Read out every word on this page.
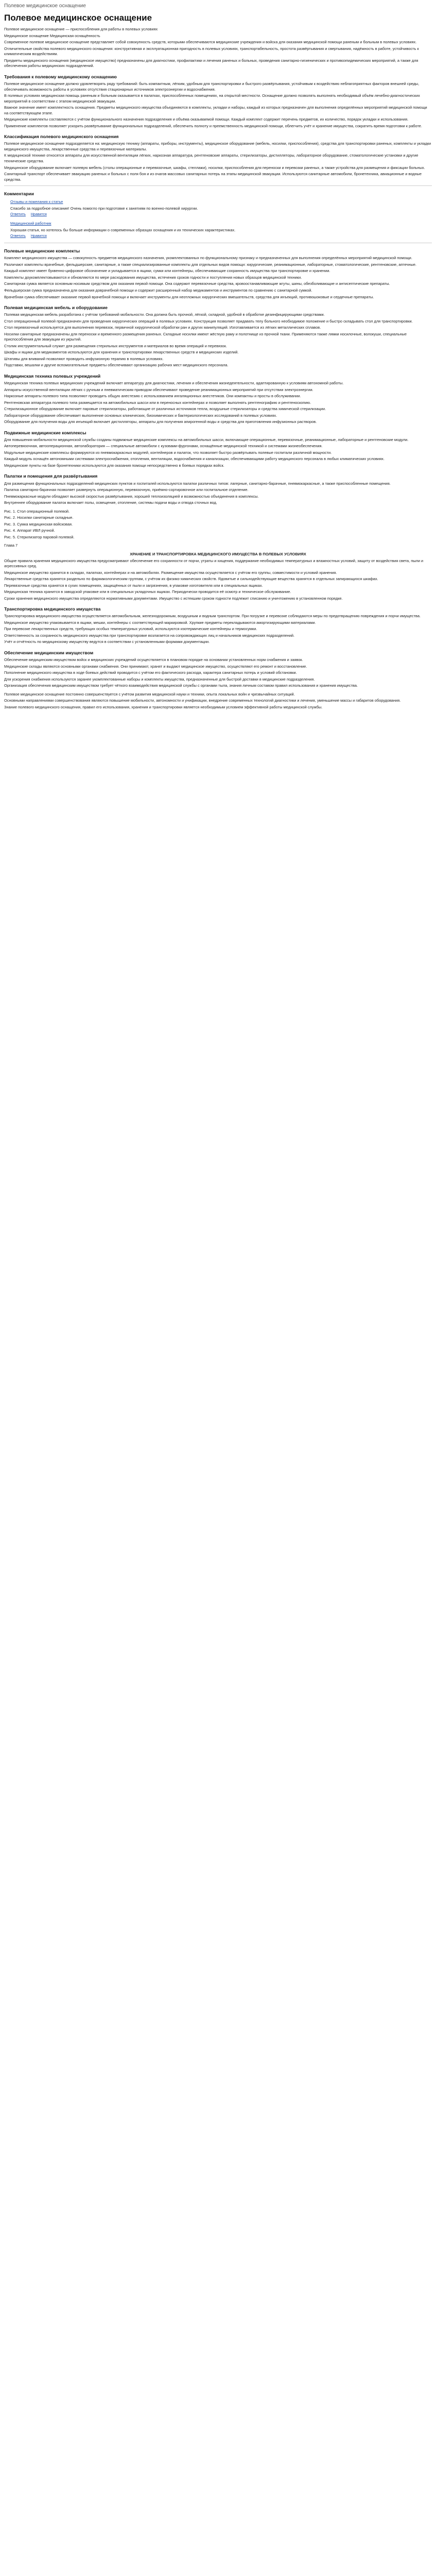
Полевое медицинское оснащение
Полевое медицинское оснащение

Полевое медицинское оснащение — приспособления для работы в полевых условиях

Медицинское оснащение Медицинская оснащённость

Современное полевое медицинское оснащение представляет собой совокупность средств, которыми обеспечиваются медицинские учреждения и войска для оказания медицинской помощи раненым и больным в полевых условиях.

Отличительные свойства полевого медицинского оснащения: конструктивная и эксплуатационная пригодность в полевых условиях, транспортабельность, простота развёртывания и свертывания, надёжность в работе, устойчивость к климатическим воздействиям.

Предметы медицинского оснащения (медицинское имущество) предназначены для диагностики, профилактики и лечения раненых и больных, проведения санитарно-гигиенических и противоэпидемических мероприятий, а также для обеспечения работы медицинских подразделений.

Требования к полевому медицинскому оснащению

Полевое медицинское оснащение должно удовлетворять ряду требований: быть компактным, лёгким, удобным для транспортировки и быстрого развёртывания, устойчивым к воздействию неблагоприятных факторов внешней среды, обеспечивать возможность работы в условиях отсутствия стационарных источников электроэнергии и водоснабжения.

В полевых условиях медицинская помощь раненым и больным оказывается в палатках, приспособленных помещениях, на открытой местности. Оснащение должно позволять выполнять необходимый объём лечебно-диагностических мероприятий в соответствии с этапом медицинской эвакуации.

Важное значение имеет комплектность оснащения. Предметы медицинского имущества объединяются в комплекты, укладки и наборы, каждый из которых предназначен для выполнения определённых мероприятий медицинской помощи на соответствующем этапе.

Медицинские комплекты составляются с учётом функционального назначения подразделения и объёма оказываемой помощи. Каждый комплект содержит перечень предметов, их количество, порядок укладки и использования.

Применение комплектов позволяет ускорить развёртывание функциональных подразделений, обеспечить полноту и преемственность медицинской помощи, облегчить учёт и хранение имущества, сократить время подготовки к работе.

Классификация полевого медицинского оснащения

Полевое медицинское оснащение подразделяется на: медицинскую технику (аппараты, приборы, инструменты), медицинское оборудование (мебель, носилки, приспособления), средства для транспортировки раненых, комплекты и укладки медицинского имущества, лекарственные средства и перевязочные материалы.

К медицинской технике относятся аппараты для искусственной вентиляции лёгких, наркозная аппаратура, рентгеновские аппараты, стерилизаторы, дистилляторы, лабораторное оборудование, стоматологические установки и другие технические средства.

Медицинское оборудование включает полевую мебель (столы операционные и перевязочные, шкафы, стеллажи), носилки, приспособления для переноски и перевозки раненых, а также устройства для размещения и фиксации больных.

Санитарный транспорт обеспечивает эвакуацию раненых и больных с поля боя и из очагов массовых санитарных потерь на этапы медицинской эвакуации. Используются санитарные автомобили, бронетехника, авиационные и водные средства.

Комментарии
Отзывы и пожелания к статье
Спасибо за подробное описание! Очень помогло при подготовке к занятиям по военно-полевой хирургии.
Ответить Нравится
Медицинский работник
Хорошая статья, но хотелось бы больше информации о современных образцах оснащения и их технических характеристиках.
Ответить Нравится
Полевые медицинские комплекты

Комплект медицинского имущества — совокупность предметов медицинского назначения, укомплектованных по функциональному признаку и предназначенных для выполнения определённых мероприятий медицинской помощи.

Различают комплекты врачебные, фельдшерские, санитарные, а также специализированные комплекты для отдельных видов помощи: хирургические, реанимационные, лабораторные, стоматологические, рентгеновские, аптечные.

Каждый комплект имеет буквенно-цифровое обозначение и укладывается в ящики, сумки или контейнеры, обеспечивающие сохранность имущества при транспортировке и хранении.

Комплекты доукомплектовываются и обновляются по мере расходования имущества, истечения сроков годности и поступления новых образцов медицинской техники.

Санитарная сумка является основным носимым средством для оказания первой помощи. Она содержит перевязочные средства, кровоостанавливающие жгуты, шины, обезболивающие и антисептические препараты.

Фельдшерская сумка предназначена для оказания доврачебной помощи и содержит расширенный набор медикаментов и инструментов по сравнению с санитарной сумкой.

Врачебная сумка обеспечивает оказание первой врачебной помощи и включает инструменты для неотложных хирургических вмешательств, средства для инъекций, противошоковые и сердечные препараты.

Полевая медицинская мебель и оборудование

Полевая медицинская мебель разработана с учётом требований мобильности. Она должна быть прочной, лёгкой, складной, удобной в обработке дезинфицирующими средствами.

Стол операционный полевой предназначен для проведения хирургических операций в полевых условиях. Конструкция позволяет придавать телу больного необходимое положение и быстро складывать стол для транспортировки.

Стол перевязочный используется для выполнения перевязок, первичной хирургической обработки ран и других манипуляций. Изготавливается из лёгких металлических сплавов.

Носилки санитарные предназначены для переноски и временного размещения раненых. Складные носилки имеют жёсткую раму и полотнище из прочной ткани. Применяются также лямки носилочные, волокуши, специальные приспособления для эвакуации из укрытий.

Столик инструментальный служит для размещения стерильных инструментов и материалов во время операций и перевязок.

Шкафы и ящики для медикаментов используются для хранения и транспортировки лекарственных средств и медицинских изделий.

Штативы для вливаний позволяют проводить инфузионную терапию в полевых условиях.

Подставки, вешалки и другие вспомогательные предметы обеспечивают организацию рабочих мест медицинского персонала.

Медицинская техника полевых учреждений

Медицинская техника полевых медицинских учреждений включает аппаратуру для диагностики, лечения и обеспечения жизнедеятельности, адаптированную к условиям автономной работы.

Аппараты искусственной вентиляции лёгких с ручным и пневматическим приводом обеспечивают проведение реанимационных мероприятий при отсутствии электроэнергии.

Наркозные аппараты полевого типа позволяют проводить общую анестезию с использованием ингаляционных анестетиков. Они компактны и просты в обслуживании.

Рентгеновская аппаратура полевого типа размещается на автомобильных шасси или в переносных контейнерах и позволяет выполнять рентгенографию и рентгеноскопию.

Стерилизационное оборудование включает паровые стерилизаторы, работающие от различных источников тепла, воздушные стерилизаторы и средства химической стерилизации.

Лабораторное оборудование обеспечивает выполнение основных клинических, биохимических и бактериологических исследований в полевых условиях.

Оборудование для получения воды для инъекций включает дистилляторы, аппараты для получения апирогенной воды и средства для приготовления инфузионных растворов.

Подвижные медицинские комплексы

Для повышения мобильности медицинской службы созданы подвижные медицинские комплексы на автомобильных шасси, включающие операционные, перевязочные, реанимационные, лабораторные и рентгеновские модули.

Автоперевязочная, автооперационная, автолаборатория — специальные автомобили с кузовами-фургонами, оснащённые медицинской техникой и системами жизнеобеспечения.

Модульные медицинские комплексы формируются из пневмокаркасных модулей, контейнеров и палаток, что позволяет быстро развёртывать полевые госпитали различной мощности.

Каждый модуль оснащён автономными системами электроснабжения, отопления, вентиляции, водоснабжения и канализации, обеспечивающими работу медицинского персонала в любых климатических условиях.

Медицинские пункты на базе бронетехники используются для оказания помощи непосредственно в боевых порядках войск.

Палатки и помещения для развёртывания

Для размещения функциональных подразделений медицинских пунктов и госпиталей используются палатки различных типов: лагерные, санитарно-барачные, пневмокаркасные, а также приспособленные помещения.

Палатка санитарно-барачная позволяет развернуть операционную, перевязочную, приёмно-сортировочное или госпитальное отделение.

Пневмокаркасные модули обладают высокой скоростью развёртывания, хорошей теплоизоляцией и возможностью объединения в комплексы.

Внутреннее оборудование палаток включает полы, освещение, отопление, системы подачи воды и отвода сточных вод.

Рис. 1. Стол операционный полевой.

Рис. 2. Носилки санитарные складные.

Рис. 3. Сумка медицинская войсковая.

Рис. 4. Аппарат ИВЛ ручной.

Рис. 5. Стерилизатор паровой полевой.

Глава 7

ХРАНЕНИЕ И ТРАНСПОРТИРОВКА МЕДИЦИНСКОГО ИМУЩЕСТВА В ПОЛЕВЫХ УСЛОВИЯХ

Общие правила хранения медицинского имущества предусматривают обеспечение его сохранности от порчи, утраты и хищения, поддержание необходимых температурных и влажностных условий, защиту от воздействия света, пыли и агрессивных сред.

Медицинское имущество хранится в складах, палатках, контейнерах и на автомобилях. Размещение имущества осуществляется с учётом его группы, совместимости и условий хранения.

Лекарственные средства хранятся раздельно по фармакологическим группам, с учётом их физико-химических свойств. Ядовитые и сильнодействующие вещества хранятся в отдельных запирающихся шкафах.

Перевязочные средства хранятся в сухих помещениях, защищённых от пыли и загрязнения, в упаковке изготовителя или в специальных ящиках.

Медицинская техника хранится в заводской упаковке или в специальных укладочных ящиках. Периодически проводится её осмотр и техническое обслуживание.

Сроки хранения медицинского имущества определяются нормативными документами. Имущество с истекшим сроком годности подлежит списанию и уничтожению в установленном порядке.

Транспортировка медицинского имущества

Транспортировка медицинского имущества осуществляется автомобильным, железнодорожным, воздушным и водным транспортом. При погрузке и перевозке соблюдаются меры по предотвращению повреждения и порчи имущества.

Медицинское имущество упаковывается в ящики, мешки, контейнеры с соответствующей маркировкой. Хрупкие предметы перекладываются амортизирующими материалами.

При перевозке лекарственных средств, требующих особых температурных условий, используются изотермические контейнеры и термосумки.

Ответственность за сохранность медицинского имущества при транспортировке возлагается на сопровождающих лиц и начальников медицинских подразделений.

Учёт и отчётность по медицинскому имуществу ведутся в соответствии с установленными формами документации.

Обеспечение медицинским имуществом

Обеспечение медицинским имуществом войск и медицинских учреждений осуществляется в плановом порядке на основании установленных норм снабжения и заявок.

Медицинские склады являются основными органами снабжения. Они принимают, хранят и выдают медицинское имущество, осуществляют его ремонт и восстановление.

Пополнение медицинского имущества в ходе боевых действий проводится с учётом его фактического расхода, характера санитарных потерь и условий обстановки.

Для ускорения снабжения используются заранее укомплектованные наборы и комплекты имущества, предназначенные для быстрой доставки в медицинские подразделения.

Организация обеспечения медицинским имуществом требует чёткого взаимодействия медицинской службы с органами тыла, знания личным составом правил использования и хранения имущества.

Полевое медицинское оснащение постоянно совершенствуется с учётом развития медицинской науки и техники, опыта локальных войн и чрезвычайных ситуаций.

Основными направлениями совершенствования являются повышение мобильности, автономности и унификации, внедрение современных технологий диагностики и лечения, уменьшение массы и габаритов оборудования.

Знание полевого медицинского оснащения, правил его использования, хранения и транспортировки является необходимым условием эффективной работы медицинской службы.
